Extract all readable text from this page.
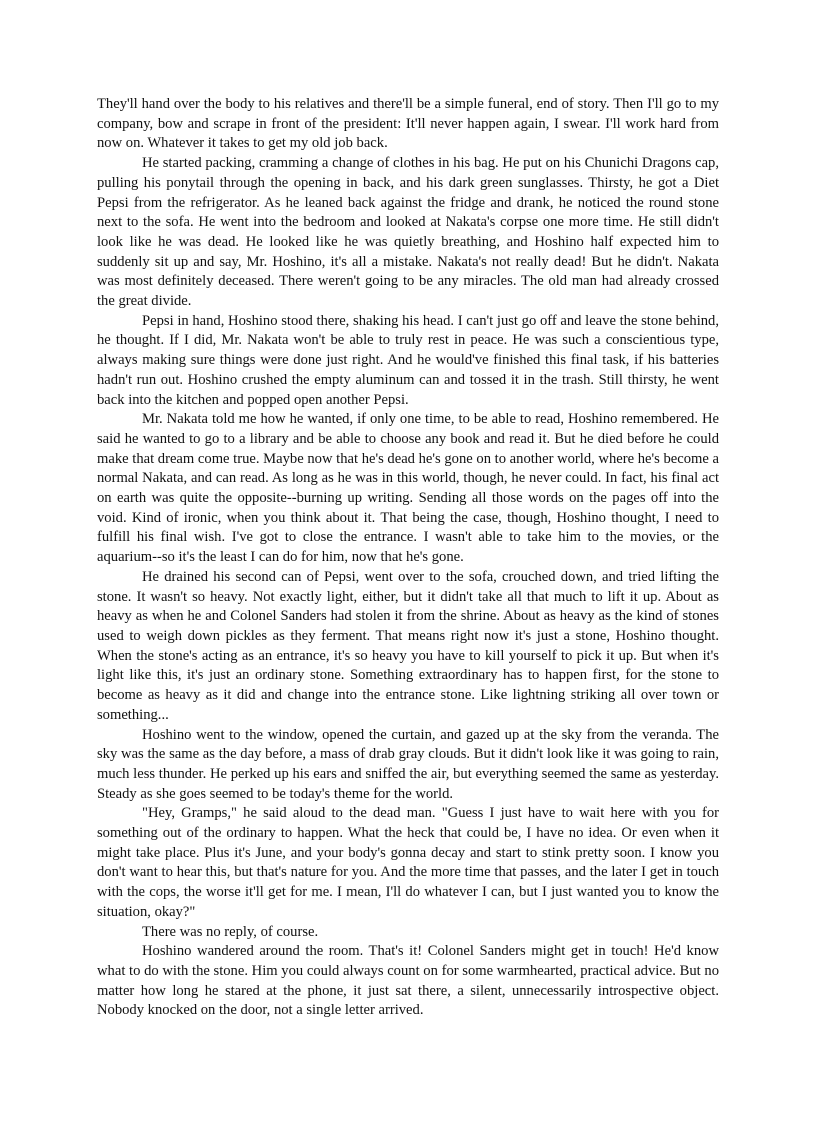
They'll hand over the body to his relatives and there'll be a simple funeral, end of story. Then I'll go to my company, bow and scrape in front of the president: It'll never happen again, I swear. I'll work hard from now on. Whatever it takes to get my old job back.

He started packing, cramming a change of clothes in his bag. He put on his Chunichi Dragons cap, pulling his ponytail through the opening in back, and his dark green sunglasses. Thirsty, he got a Diet Pepsi from the refrigerator. As he leaned back against the fridge and drank, he noticed the round stone next to the sofa. He went into the bedroom and looked at Nakata's corpse one more time. He still didn't look like he was dead. He looked like he was quietly breathing, and Hoshino half expected him to suddenly sit up and say, Mr. Hoshino, it's all a mistake. Nakata's not really dead! But he didn't. Nakata was most definitely deceased. There weren't going to be any miracles. The old man had already crossed the great divide.

Pepsi in hand, Hoshino stood there, shaking his head. I can't just go off and leave the stone behind, he thought. If I did, Mr. Nakata won't be able to truly rest in peace. He was such a conscientious type, always making sure things were done just right. And he would've finished this final task, if his batteries hadn't run out. Hoshino crushed the empty aluminum can and tossed it in the trash. Still thirsty, he went back into the kitchen and popped open another Pepsi.

Mr. Nakata told me how he wanted, if only one time, to be able to read, Hoshino remembered. He said he wanted to go to a library and be able to choose any book and read it. But he died before he could make that dream come true. Maybe now that he's dead he's gone on to another world, where he's become a normal Nakata, and can read. As long as he was in this world, though, he never could. In fact, his final act on earth was quite the opposite--burning up writing. Sending all those words on the pages off into the void. Kind of ironic, when you think about it. That being the case, though, Hoshino thought, I need to fulfill his final wish. I've got to close the entrance. I wasn't able to take him to the movies, or the aquarium--so it's the least I can do for him, now that he's gone.

He drained his second can of Pepsi, went over to the sofa, crouched down, and tried lifting the stone. It wasn't so heavy. Not exactly light, either, but it didn't take all that much to lift it up. About as heavy as when he and Colonel Sanders had stolen it from the shrine. About as heavy as the kind of stones used to weigh down pickles as they ferment. That means right now it's just a stone, Hoshino thought. When the stone's acting as an entrance, it's so heavy you have to kill yourself to pick it up. But when it's light like this, it's just an ordinary stone. Something extraordinary has to happen first, for the stone to become as heavy as it did and change into the entrance stone. Like lightning striking all over town or something...

Hoshino went to the window, opened the curtain, and gazed up at the sky from the veranda. The sky was the same as the day before, a mass of drab gray clouds. But it didn't look like it was going to rain, much less thunder. He perked up his ears and sniffed the air, but everything seemed the same as yesterday. Steady as she goes seemed to be today's theme for the world.

"Hey, Gramps," he said aloud to the dead man. "Guess I just have to wait here with you for something out of the ordinary to happen. What the heck that could be, I have no idea. Or even when it might take place. Plus it's June, and your body's gonna decay and start to stink pretty soon. I know you don't want to hear this, but that's nature for you. And the more time that passes, and the later I get in touch with the cops, the worse it'll get for me. I mean, I'll do whatever I can, but I just wanted you to know the situation, okay?"

There was no reply, of course.

Hoshino wandered around the room. That's it! Colonel Sanders might get in touch! He'd know what to do with the stone. Him you could always count on for some warmhearted, practical advice. But no matter how long he stared at the phone, it just sat there, a silent, unnecessarily introspective object. Nobody knocked on the door, not a single letter arrived.
